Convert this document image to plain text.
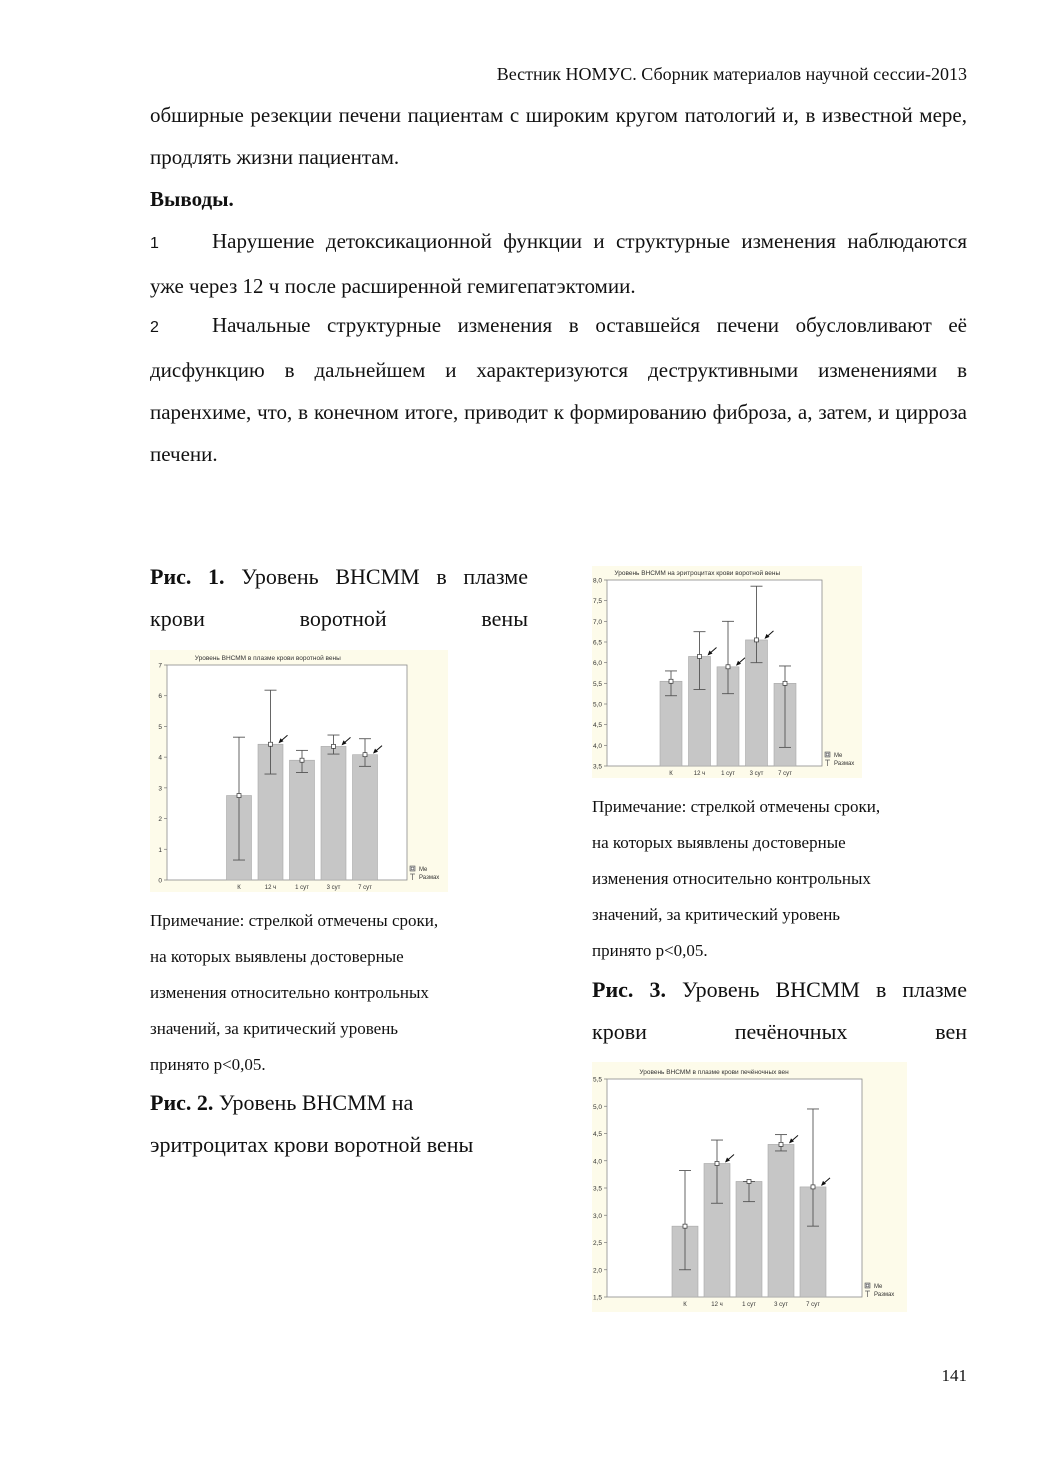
Вестник НОМУС. Сборник материалов научной сессии-2013

обширные резекции печени пациентам с широким кругом патологий и, в известной мере, продлять жизни пациентам.

Выводы.

1	Нарушение детоксикационной функции и структурные изменения наблюдаются уже через 12 ч после расширенной гемигепатэктомии.

2	Начальные структурные изменения в оставшейся печени обусловливают её дисфункцию в дальнейшем и характеризуются деструктивными изменениями в паренхиме, что, в конечном итоге, приводит к формированию фиброза, а, затем, и цирроза печени.

Рис. 1. Уровень ВНСММ в плазме крови воротной вены

Уровень ВНСММ в плазме крови воротной вены
0
1
2
3
4
5
6
7
К	12 ч	1 сут	3 сут	7 сут
Me
Размах
Примечание: стрелкой отмечены сроки,
на которых выявлены достоверные
изменения относительно контрольных
значений, за критический уровень
принято p<0,05.

Рис. 2. Уровень ВНСММ на эритроцитах крови воротной вены

Уровень ВНСММ на эритроцитах крови воротной вены
3,5
4,0
4,5
5,0
5,5
6,0
6,5
7,0
7,5
8,0
К	12 ч	1 сут 3 сут 7 сут
Me
Размах
Примечание: стрелкой отмечены сроки,
на которых выявлены достоверные
изменения относительно контрольных
значений, за критический уровень
принято p<0,05.

Рис. 3. Уровень ВНСММ в плазме крови печёночных вен

Уровень ВНСММ в плазме крови печёночных вен
1,5
2,0
2,5
3,0
3,5
4,0
4,5
5,0
5,5
К	12 ч	1 сут	3 сут	7 сут
Me
Размах
141
